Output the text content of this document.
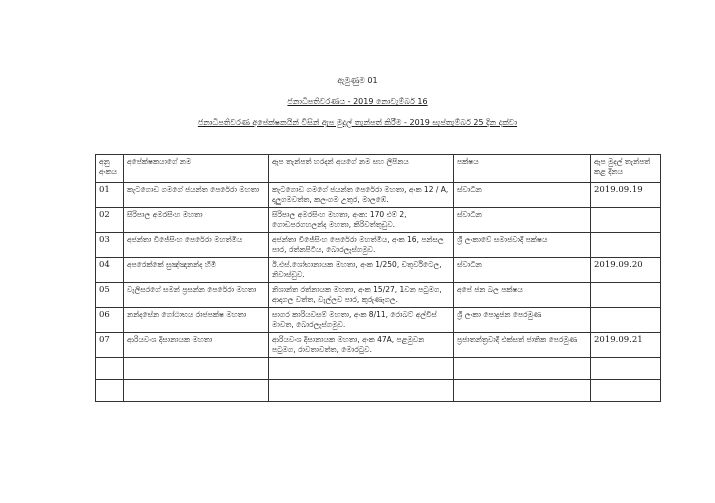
ඇමුණුම 01
ජනාධිපතිවරණය - 2019 නොවැම්බර් 16
ජනාධිපතිවරණ අපේක්ෂකයින් විසින් ඇප මුදල් තැන්පත් කිරීම - 2019 සැප්තැම්බර් 25 දින දක්වා
අනු අංකය	අපේක්ෂකයාගේ නම	ඇප තැන්පත් හරදන් අයගේ නම සහ ලිපිනය	පක්ෂය	ඇප මුදල් තැන්පත් කළ දිනය
01	කැටගොඩ ගමගේ ජයන්ත පෙරේරා මහතා	කැටගොඩ ගමගේ ජයන්ත පෙරේරා මහතා, අංක 12 / A, දාලුගමවත්ත, කලංගම උතුර, මාලඹේ.	ස්වාධීන	2019.09.19
02	සිරිපාල අමරසිංහ මහතා	සිරිපාල අමරසිංහ මහතා, අංක: 170 එම් 2, ගොඩපරගහලන්ද මහතා, කිරිවත්තුඩුව.	ස්වාධීන	
03	අජන්තා විජේසිංහ පෙරේරා මහත්මිය	අජන්තා විජේසිංහ පෙරේරා මහත්මිය, අංක 16, පන්සල පාර, රත්නපිටිය, බොරලැස්ගමුව.	ශ්‍රී ලංකාවේ සමාජවාදී පක්ෂය	
04	අපරෙක්කේ සුඤ්ඤානන්ද හිමි	ඊ.එස්.ශෝභානායක මහතා, අංක 1/250, චතුර්විටෙල, නිවාස්ඩුව.	ස්වාධීන	2019.09.20
05	වැලිසරගේ සමන් ප්‍රසන්න පෙරේරා මහතා	නිශාන්ත රත්නායක මහතා, අංක 15/27, 1වන පටුමග, ආදාගල වත්ත, වැල්ලව පාර, කුරුණෑගල.	අපේ ජන බල පක්ෂය	
06	නන්දසේන ගෝඨාභය රාජපක්ෂ මහතා	සාගර කාරියවසම් මහතා, අංක 8/11, රොබට් අල්විස් මාවත, බොරලැස්ගමුව.	ශ්‍රී ලංකා පොදුජන පෙරමුණ	
07	ආරියවංශ දිසානායක මහතා	ආරියවංශ දිසානායක මහතා, අංක 47A, පළමුවන පටුමග, රාවතාවත්ත, මොරටුව.	ප්‍රජාතන්ත්‍රවාදී එක්සත් ජාතික පෙරමුණ	2019.09.21
